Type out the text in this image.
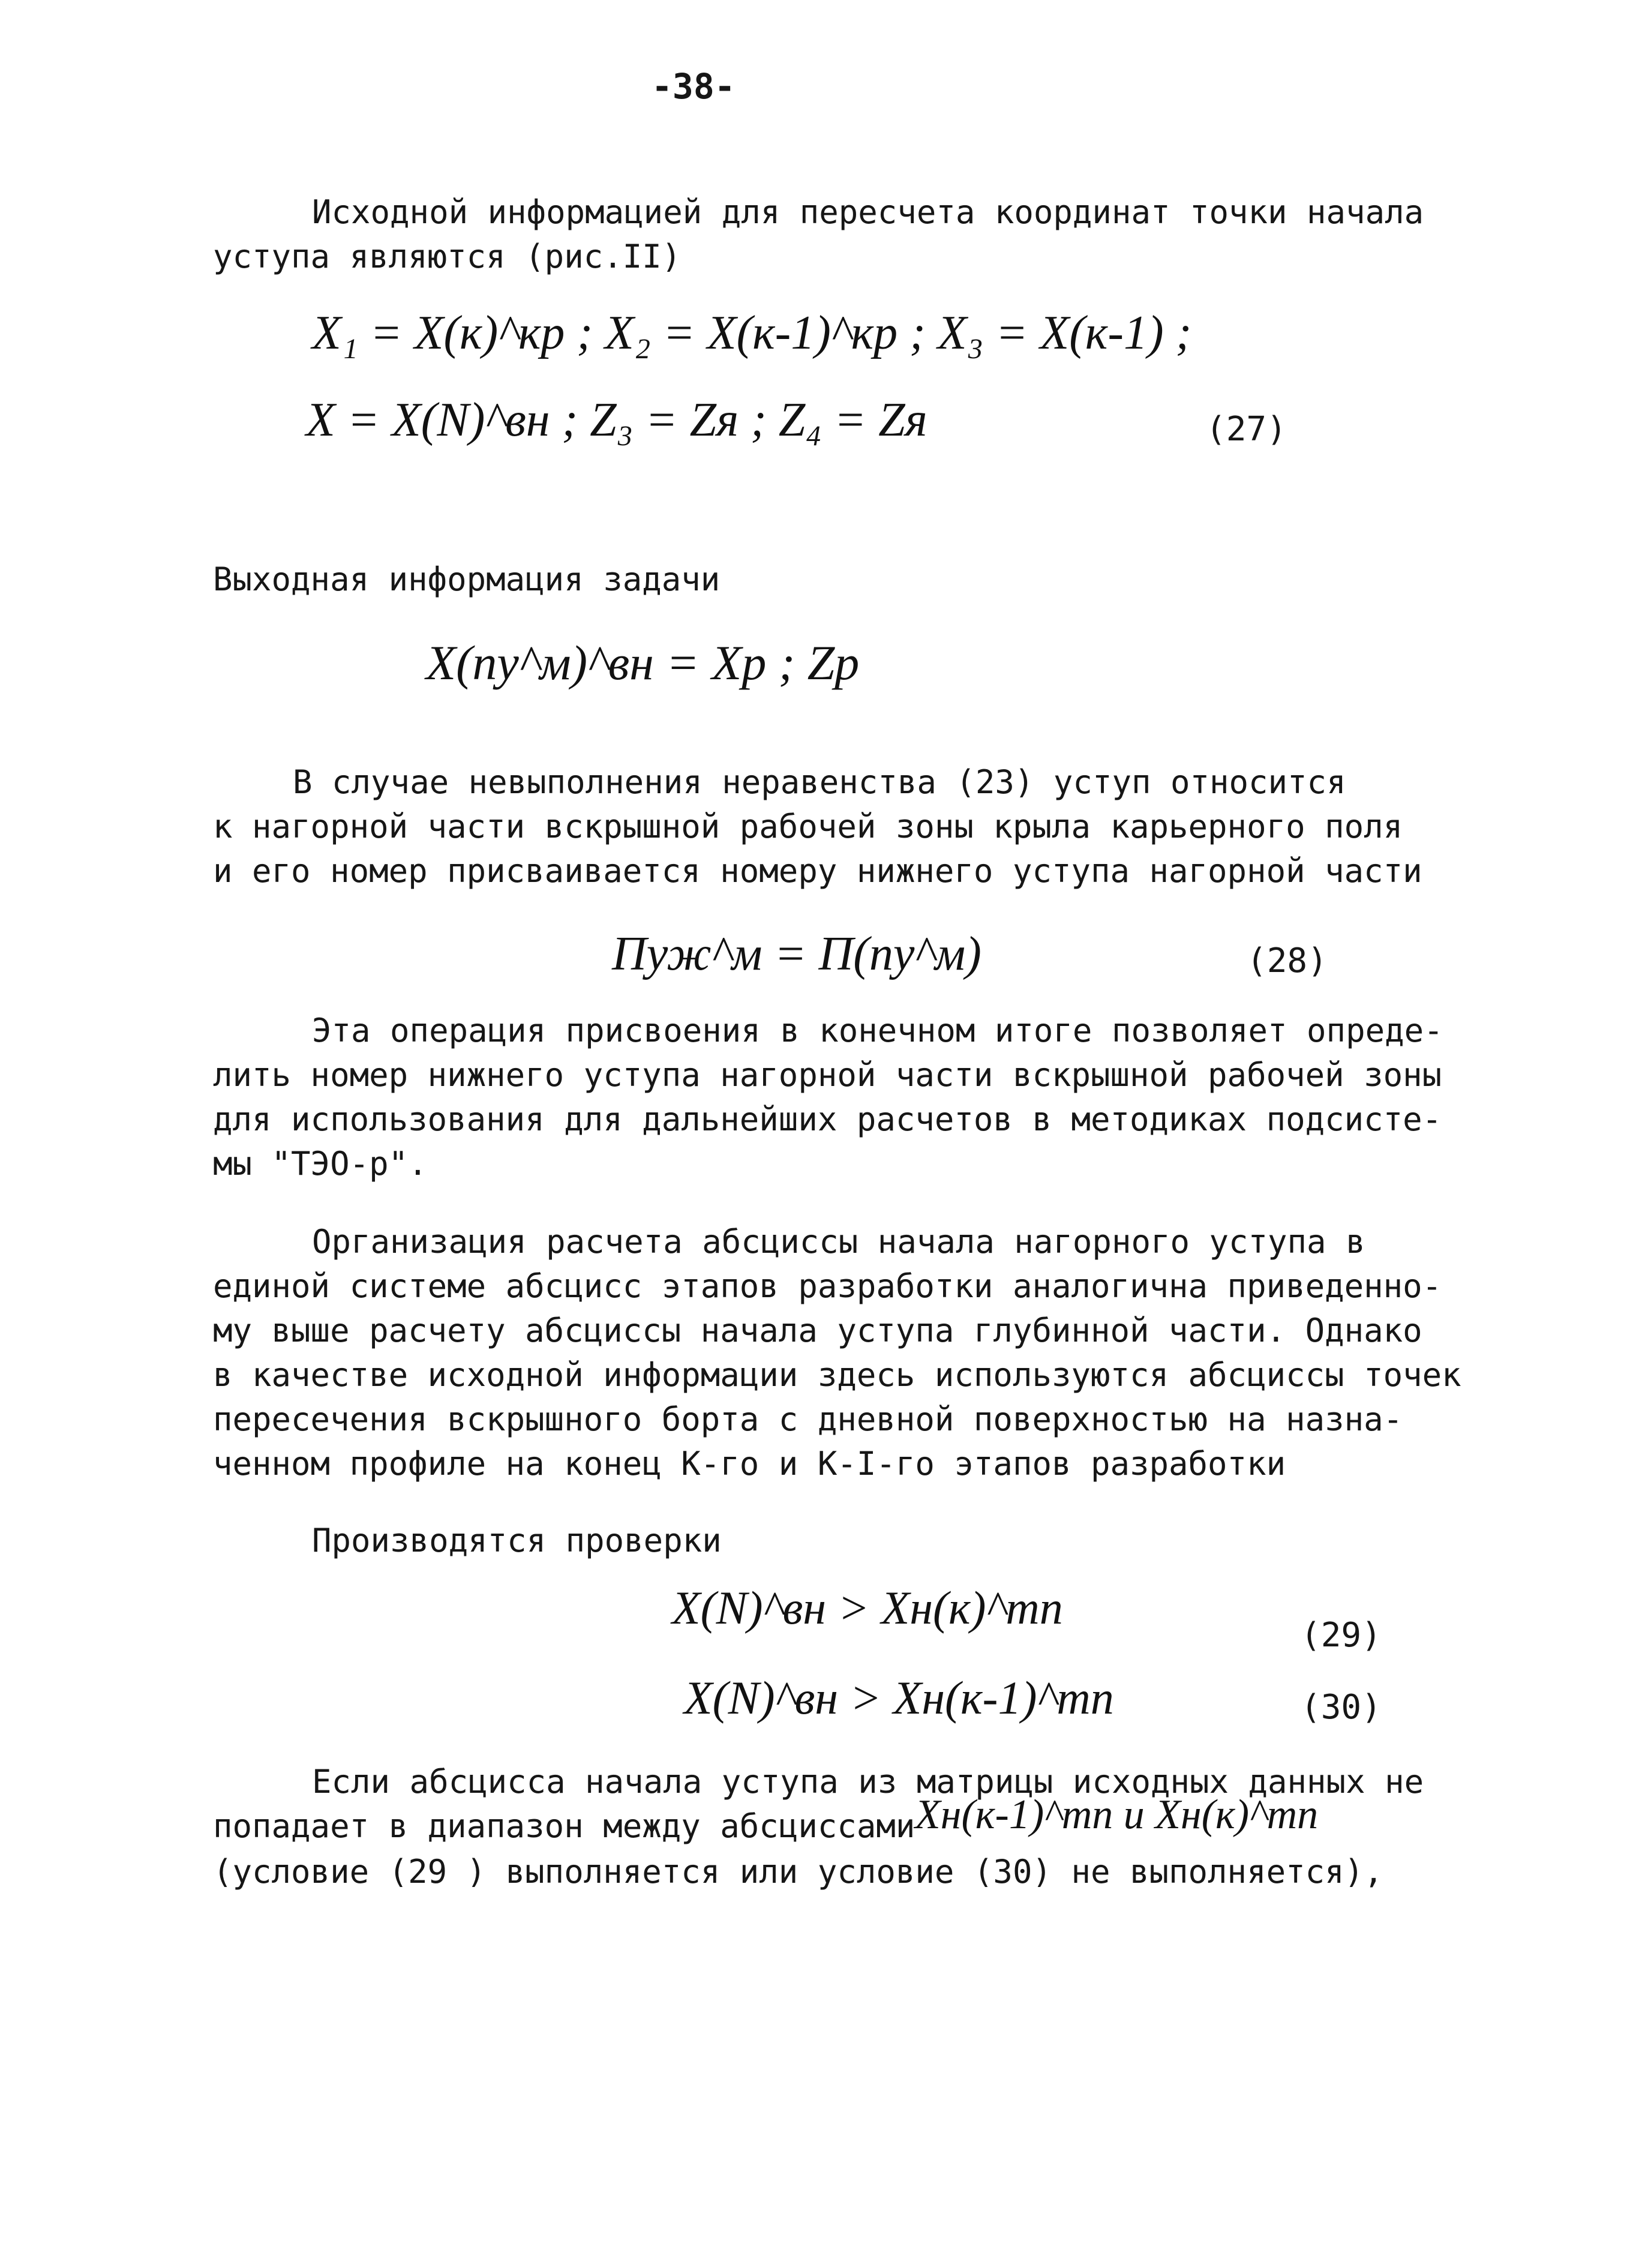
-38-
Исходной информацией для пересчета координат точки начала
уступа являются (рис.II)
X₁ = X(к)^кр ; X₂ = X(к-1)^кр ; X₃ = X(к-1) ;
X = X(N)^вн ; Z₃ = Zя ; Z₄ = Zя	(27)
Выходная информация задачи
X(пу^м)^вн = Xp ; Zp
В случае невыполнения неравенства (23) уступ относится
к нагорной части вскрышной рабочей зоны крыла карьерного поля
и его номер присваивается номеру нижнего уступа нагорной части
Пуж^м = П(пу^м)	(28)
Эта операция присвоения в конечном итоге позволяет опреде-
лить номер нижнего уступа нагорной части вскрышной рабочей зоны
для использования для дальнейших расчетов в методиках подсисте-
мы "ТЭО-р".
Организация расчета абсциссы начала нагорного уступа в
единой системе абсцисс этапов разработки аналогична приведенно-
му выше расчету абсциссы начала уступа глубинной части. Однако
в качестве исходной информации здесь используются абсциссы точек
пересечения вскрышного борта с дневной поверхностью на назна-
ченном профиле на конец К-го и К-I-го этапов разработки
Производятся проверки
X(N)^вн > Xн(к)^тп
(29)
X(N)^вн > Xн(к-1)^тп	(30)
Если абсцисса начала уступа из матрицы исходных данных не
попадает в диапазон между абсциссами Xн(к-1)^тп и Xн(к)^тп
(условие (29 ) выполняется или условие (30) не выполняется),
